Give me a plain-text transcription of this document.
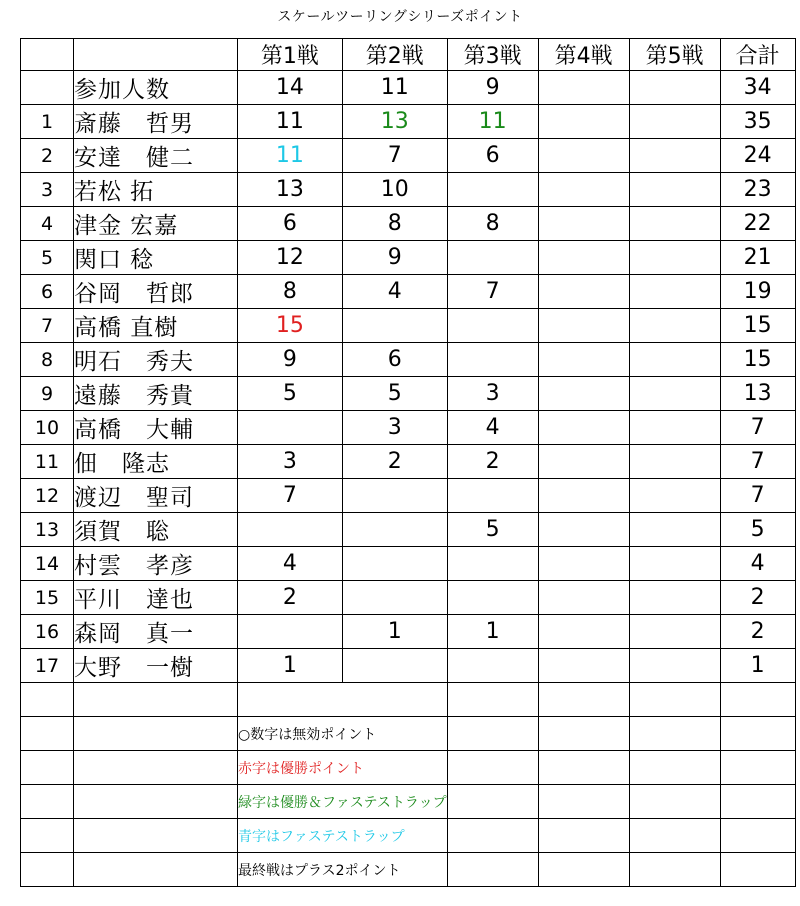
スケールツーリングシリーズポイント
		第1戦	第2戦	第3戦	第4戦	第5戦	合計
	参加人数	14	11	9			34
1	斎藤　哲男	11	13	11			35
2	安達　健二	11	7	6			24
3	若松 拓	13	10				23
4	津金 宏嘉	6	8	8			22
5	関口 稔	12	9				21
6	谷岡　哲郎	8	4	7			19
7	高橋 直樹	15					15
8	明石　秀夫	9	6				15
9	遠藤　秀貴	5	5	3			13
10	高橋　大輔		3	4			7
11	佃　隆志	3	2	2			7
12	渡辺　聖司	7					7
13	須賀　聡			5			5
14	村雲　孝彦	4					4
15	平川　達也	2					2
16	森岡　真一		1	1			2
17	大野　一樹	1					1

		○数字は無効ポイント					
		赤字は優勝ポイント					
		緑字は優勝＆ファステストラップ					
		青字はファステストラップ					
		最終戦はプラス2ポイント					
